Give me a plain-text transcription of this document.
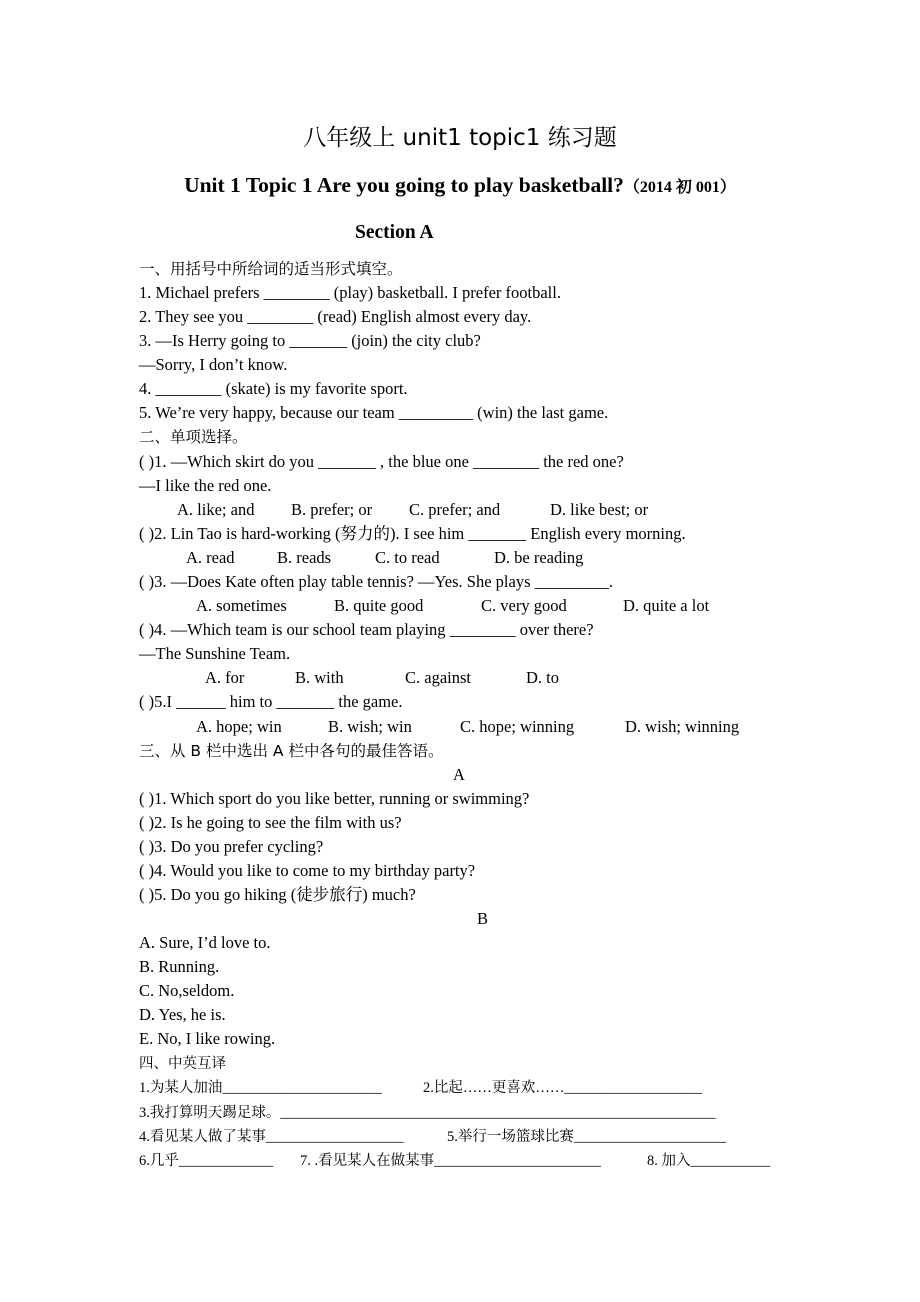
八年级上 unit1 topic1 练习题
Unit 1 Topic 1 Are you going to play basketball?（2014 初 001）
Section A
一、用括号中所给词的适当形式填空。
1. Michael prefers ________ (play) basketball. I prefer football.
2. They see you ________ (read) English almost every day.
3. —Is Herry going to _______ (join) the city club?
—Sorry, I don’t know.
4. ________ (skate) is my favorite sport.
5. We’re very happy, because our team _________ (win) the last game.
二、单项选择。
( )1. —Which skirt do you _______ , the blue one ________ the red one?
—I like the red one.
A. like; and B. prefer; or C. prefer; and	D. like best; or
( )2. Lin Tao is hard-working (努力的). I see him _______ English every morning.
A. read	B. reads	C. to read	D. be reading
( )3. —Does Kate often play table tennis? —Yes. She plays _________.
A. sometimes	B. quite good	C. very good	D. quite a lot
( )4. —Which team is our school team playing ________ over there?
—The Sunshine Team.
A. for	B. with	C. against	D. to
( )5.I ______ him to _______ the game.
A. hope; win	B. wish; win	C. hope; winning	D. wish; winning
三、从 B 栏中选出 A 栏中各句的最佳答语。
A
( )1. Which sport do you like better, running or swimming?
( )2. Is he going to see the film with us?
( )3. Do you prefer cycling?
( )4. Would you like to come to my birthday party?
( )5. Do you go hiking (徒步旅行) much?
B
A. Sure, I’d love to.
B. Running.
C. No,seldom.
D. Yes, he is.
E. No, I like rowing.
四、中英互译
1.为某人加油______________________	2.比起……更喜欢……___________________
3.我打算明天踢足球。____________________________________________________________
4.看见某人做了某事___________________	5.举行一场篮球比赛_____________________
6.几乎_____________ 7. .看见某人在做某事_______________________	8. 加入___________
